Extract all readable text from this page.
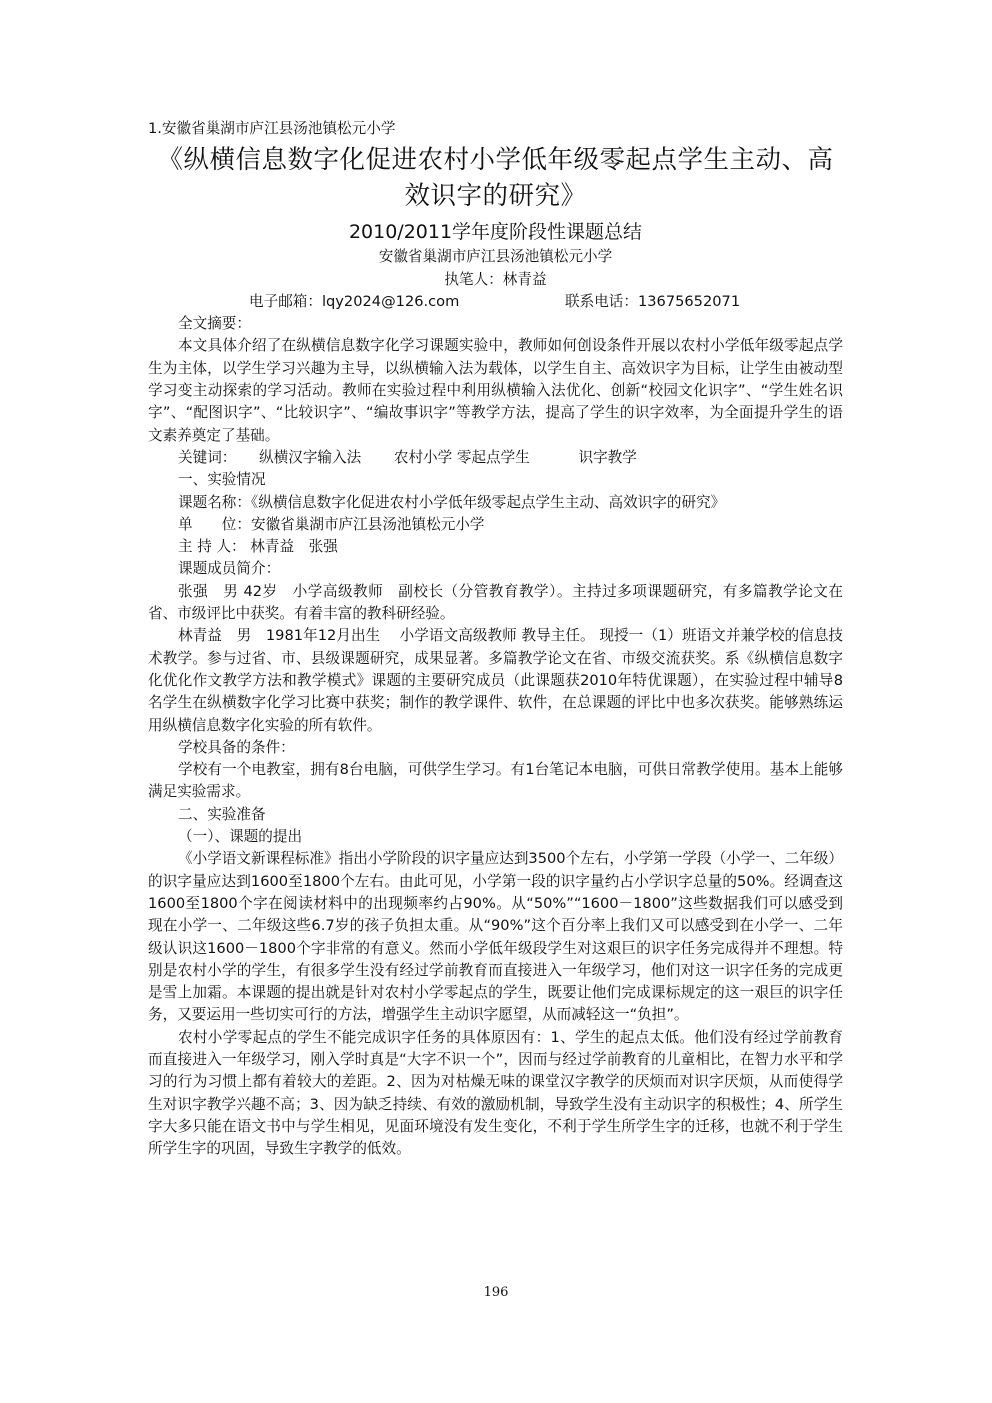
1.安徽省巢湖市庐江县汤池镇松元小学
《纵横信息数字化促进农村小学低年级零起点学生主动、高
效识字的研究》
2010/2011学年度阶段性课题总结
安徽省巢湖市庐江县汤池镇松元小学
执笔人：林青益
电子邮箱：lqy2024@126.com	联系电话：13675652071
全文摘要：
本文具体介绍了在纵横信息数字化学习课题实验中，教师如何创设条件开展以农村小学低年级零起点学生为主体，以学生学习兴趣为主导，以纵横输入法为载体，以学生自主、高效识字为目标，让学生由被动型学习变主动探索的学习活动。教师在实验过程中利用纵横输入法优化、创新“校园文化识字”、“学生姓名识字”、“配图识字”、“比较识字”、“编故事识字”等教学方法，提高了学生的识字效率，为全面提升学生的语文素养奠定了基础。
关键词： 纵横汉字输入法 农村小学 零起点学生	识字教学
一、实验情况
课题名称：《纵横信息数字化促进农村小学低年级零起点学生主动、高效识字的研究》
单　　位：安徽省巢湖市庐江县汤池镇松元小学
主 持 人： 林青益　张强
课题成员简介：
张强　男 42岁　小学高级教师　副校长（分管教育教学）。主持过多项课题研究，有多篇教学论文在省、市级评比中获奖。有着丰富的教科研经验。
林青益　男　1981年12月出生　 小学语文高级教师 教导主任。 现授一（1）班语文并兼学校的信息技术教学。参与过省、市、县级课题研究，成果显著。多篇教学论文在省、市级交流获奖。系《纵横信息数字化优化作文教学方法和教学模式》课题的主要研究成员（此课题获2010年特优课题），在实验过程中辅导8名学生在纵横数字化学习比赛中获奖；制作的教学课件、软件，在总课题的评比中也多次获奖。能够熟练运用纵横信息数字化实验的所有软件。
学校具备的条件：
学校有一个电教室，拥有8台电脑，可供学生学习。有1台笔记本电脑，可供日常教学使用。基本上能够满足实验需求。
二、实验准备
（一）、课题的提出
《小学语文新课程标准》指出小学阶段的识字量应达到3500个左右，小学第一学段（小学一、二年级）的识字量应达到1600至1800个左右。由此可见，小学第一段的识字量约占小学识字总量的50%。经调查这1600至1800个字在阅读材料中的出现频率约占90%。从“50%”“1600－1800”这些数据我们可以感受到现在小学一、二年级这些6.7岁的孩子负担太重。从“90%”这个百分率上我们又可以感受到在小学一、二年级认识这1600－1800个字非常的有意义。然而小学低年级段学生对这艰巨的识字任务完成得并不理想。特别是农村小学的学生，有很多学生没有经过学前教育而直接进入一年级学习，他们对这一识字任务的完成更是雪上加霜。本课题的提出就是针对农村小学零起点的学生，既要让他们完成课标规定的这一艰巨的识字任务，又要运用一些切实可行的方法，增强学生主动识字愿望，从而减轻这一“负担”。
农村小学零起点的学生不能完成识字任务的具体原因有：1、学生的起点太低。他们没有经过学前教育而直接进入一年级学习，刚入学时真是“大字不识一个”，因而与经过学前教育的儿童相比，在智力水平和学习的行为习惯上都有着较大的差距。2、因为对枯燥无味的课堂汉字教学的厌烦而对识字厌烦，从而使得学生对识字教学兴趣不高；3、因为缺乏持续、有效的激励机制，导致学生没有主动识字的积极性；4、所学生字大多只能在语文书中与学生相见，见面环境没有发生变化，不利于学生所学生字的迁移，也就不利于学生所学生字的巩固，导致生字教学的低效。
196
